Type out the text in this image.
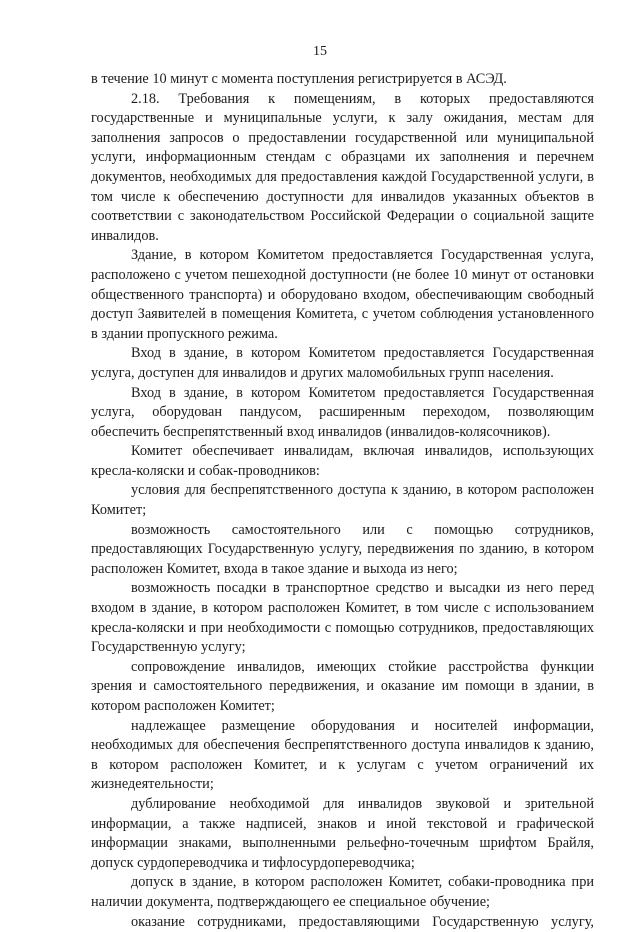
15

в течение 10 минут с момента поступления регистрируется в АСЭД.

2.18. Требования к помещениям, в которых предоставляются государственные и муниципальные услуги, к залу ожидания, местам для заполнения запросов о предоставлении государственной или муниципальной услуги, информационным стендам с образцами их заполнения и перечнем документов, необходимых для предоставления каждой Государственной услуги, в том числе к обеспечению доступности для инвалидов указанных объектов в соответствии с законодательством Российской Федерации о социальной защите инвалидов.

Здание, в котором Комитетом предоставляется Государственная услуга, расположено с учетом пешеходной доступности (не более 10 минут от остановки общественного транспорта) и оборудовано входом, обеспечивающим свободный доступ Заявителей в помещения Комитета, с учетом соблюдения установленного в здании пропускного режима.

Вход в здание, в котором Комитетом предоставляется Государственная услуга, доступен для инвалидов и других маломобильных групп населения.

Вход в здание, в котором Комитетом предоставляется Государственная услуга, оборудован пандусом, расширенным переходом, позволяющим обеспечить беспрепятственный вход инвалидов (инвалидов-колясочников).

Комитет обеспечивает инвалидам, включая инвалидов, использующих кресла-коляски и собак-проводников:

условия для беспрепятственного доступа к зданию, в котором расположен Комитет;

возможность самостоятельного или с помощью сотрудников, предоставляющих Государственную услугу, передвижения по зданию, в котором расположен Комитет, входа в такое здание и выхода из него;

возможность посадки в транспортное средство и высадки из него перед входом в здание, в котором расположен Комитет, в том числе с использованием кресла-коляски и при необходимости с помощью сотрудников, предоставляющих Государственную услугу;

сопровождение инвалидов, имеющих стойкие расстройства функции зрения и самостоятельного передвижения, и оказание им помощи в здании, в котором расположен Комитет;

надлежащее размещение оборудования и носителей информации, необходимых для обеспечения беспрепятственного доступа инвалидов к зданию, в котором расположен Комитет, и к услугам с учетом ограничений их жизнедеятельности;

дублирование необходимой для инвалидов звуковой и зрительной информации, а также надписей, знаков и иной текстовой и графической информации знаками, выполненными рельефно-точечным шрифтом Брайля, допуск сурдопереводчика и тифлосурдопереводчика;

допуск в здание, в котором расположен Комитет, собаки-проводника при наличии документа, подтверждающего ее специальное обучение;

оказание сотрудниками, предоставляющими Государственную услугу,
